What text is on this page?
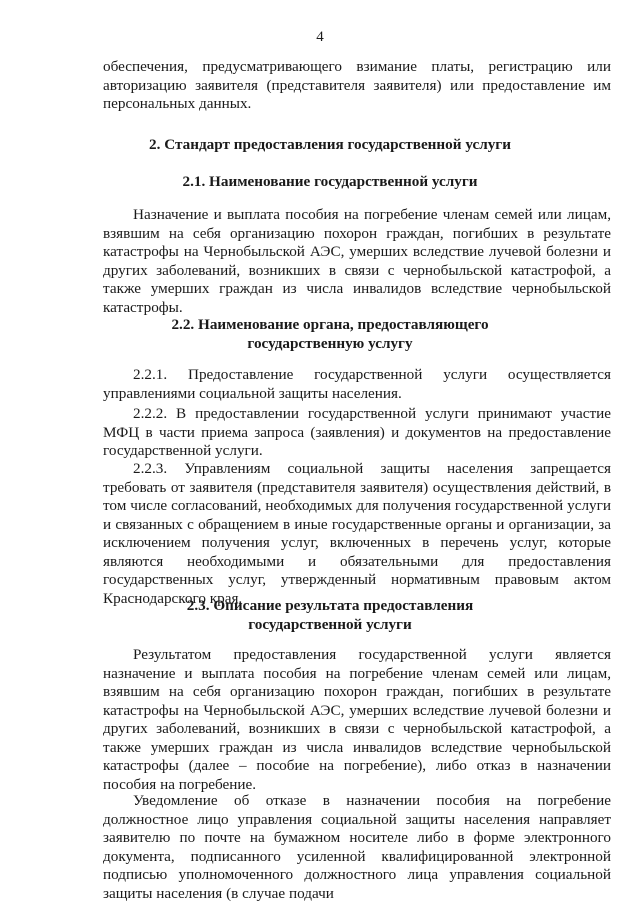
4

обеспечения, предусматривающего взимание платы, регистрацию или авторизацию заявителя (представителя заявителя) или предоставление им персональных данных.

2. Стандарт предоставления государственной услуги
2.1. Наименование государственной услуги

Назначение и выплата пособия на погребение членам семей или лицам, взявшим на себя организацию похорон граждан, погибших в результате катастрофы на Чернобыльской АЭС, умерших вследствие лучевой болезни и других заболеваний, возникших в связи с чернобыльской катастрофой, а также умерших граждан из числа инвалидов вследствие чернобыльской катастрофы.

2.2. Наименование органа, предоставляющего
государственную услугу

2.2.1. Предоставление государственной услуги осуществляется управлениями социальной защиты населения.

2.2.2. В предоставлении государственной услуги принимают участие МФЦ в части приема запроса (заявления) и документов на предоставление государственной услуги.

2.2.3. Управлениям социальной защиты населения запрещается требовать от заявителя (представителя заявителя) осуществления действий, в том числе согласований, необходимых для получения государственной услуги и связанных с обращением в иные государственные органы и организации, за исключением получения услуг, включенных в перечень услуг, которые являются необходимыми и обязательными для предоставления государственных услуг, утвержденный нормативным правовым актом Краснодарского края.

2.3. Описание результата предоставления
государственной услуги

Результатом предоставления государственной услуги является назначение и выплата пособия на погребение членам семей или лицам, взявшим на себя организацию похорон граждан, погибших в результате катастрофы на Чернобыльской АЭС, умерших вследствие лучевой болезни и других заболеваний, возникших в связи с чернобыльской катастрофой, а также умерших граждан из числа инвалидов вследствие чернобыльской катастрофы (далее – пособие на погребение), либо отказ в назначении пособия на погребение.

Уведомление об отказе в назначении пособия на погребение должностное лицо управления социальной защиты населения направляет заявителю по почте на бумажном носителе либо в форме электронного документа, подписанного усиленной квалифицированной электронной подписью уполномоченного должностного лица управления социальной защиты населения (в случае подачи
